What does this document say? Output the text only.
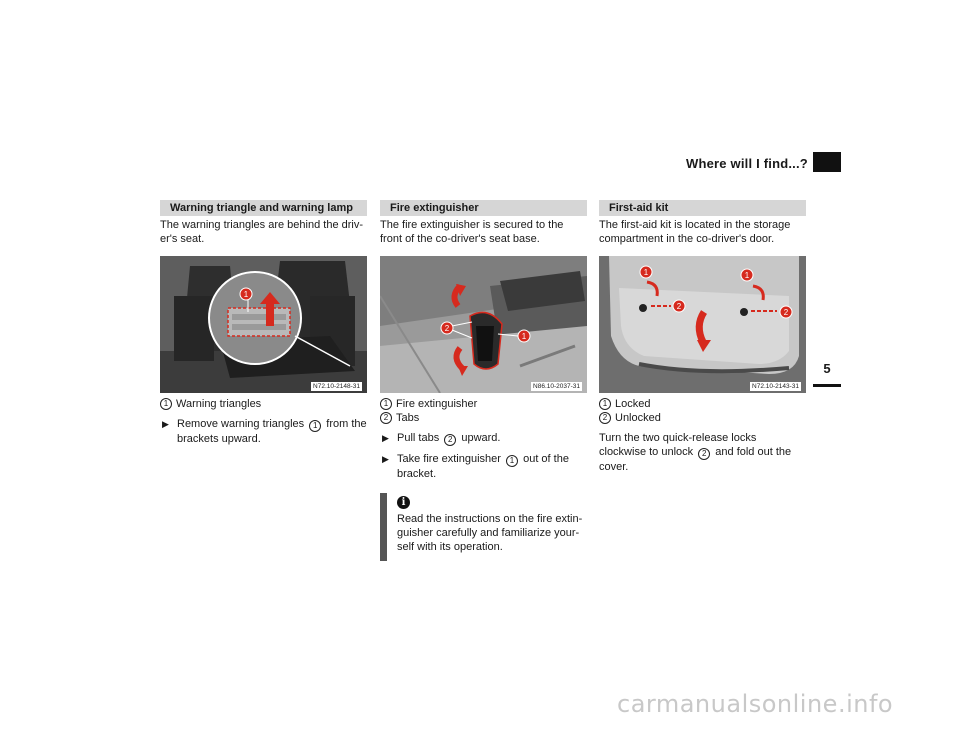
Where will I find...?
5
Warning triangle and warning lamp

The warning triangles are behind the driv-er's seat.

1
N72.10-2148-31
1 Warning triangles
▶ Remove warning triangles 1 from the brackets upward.
Fire extinguisher

The fire extinguisher is secured to the front of the co-driver's seat base.

2
1
N86.10-2037-31
1 Fire extinguisher
2 Tabs
▶ Pull tabs 2 upward.
▶ Take fire extinguisher 1 out of the bracket.
i
Read the instructions on the fire extin-guisher carefully and familiarize your-self with its operation.
First-aid kit

The first-aid kit is located in the storage compartment in the co-driver's door.

1
2
1
2
N72.10-2143-31
1 Locked
2 Unlocked

Turn the two quick-release locks clockwise to unlock 2 and fold out the cover.

carmanualsonline.info
